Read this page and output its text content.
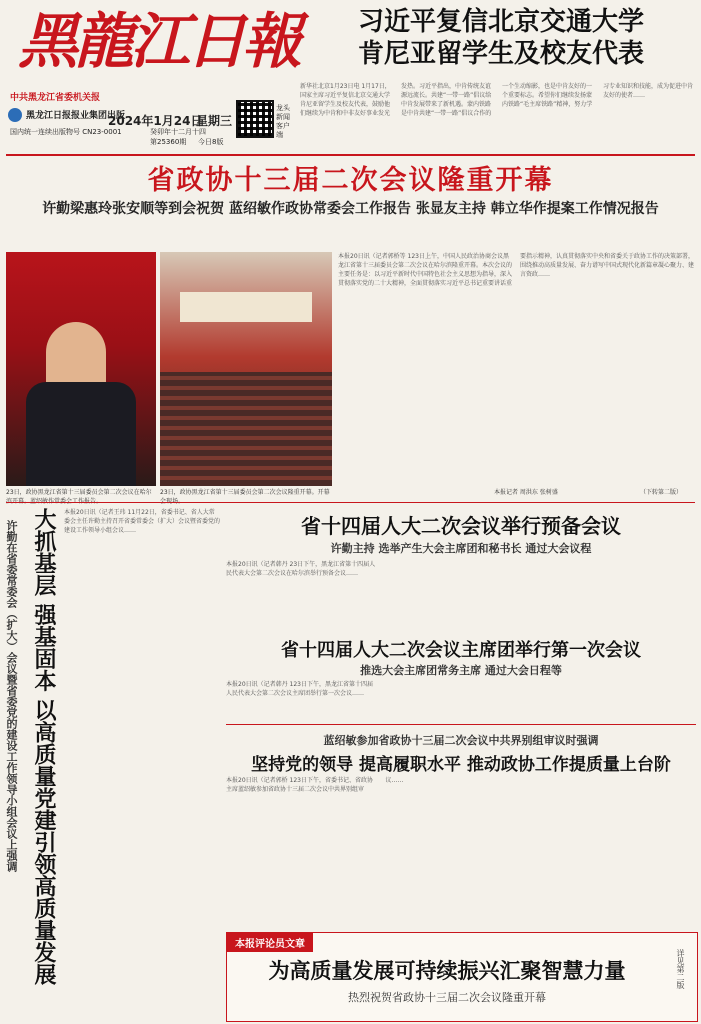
黑龍江日報
中共黑龙江省委机关报
黑龙江日报报业集团出版
国内统一连续出版物号 CN23-0001
2024年1月24日
星期三
癸卯年十二月十四
第25360期 今日8版
龙头新闻客户端
习近平复信北京交通大学
肯尼亚留学生及校友代表
新华社北京1月23日电 1月17日，国家主席习近平复信北京交通大学肯尼亚留学生及校友代表，鼓励他们继续为中肯和中非友好事业发光发热。习近平指出，中肯传统友谊源远流长。共建“一带一路”倡议给中肯发展带来了新机遇。蒙内铁路是中肯共建“一带一路”倡议合作的一个生动缩影，也是中肯友好的一个重要标志。希望你们继续发扬蒙内铁路“毛主席铁路”精神，努力学习专业知识和技能，成为促进中肯友好的使者……
省政协十三届二次会议隆重开幕
许勤梁惠玲张安顺等到会祝贺 蓝绍敏作政协常委会工作报告 张显友主持 韩立华作提案工作情况报告
23日，政协黑龙江省第十三届委员会第二次会议在哈尔	23日，政协黑龙江省第十三届委员会第二次会议隆重开幕。开幕	本报记者 周洪东 张树盛
本报20日讯（记者郭桥等 123日上午，中国人民政治协商会议黑龙江省第十三届委员会第二次会议在哈尔滨隆重开幕。本次会议的主要任务是：以习近平新时代中国特色社会主义思想为指导，深入贯彻落实党的二十大精神，全面贯彻落实习近平总书记重要讲话重要指示精神，认真贯彻落实中央和省委关于政协工作的决策部署，围绕推动高质量发展、奋力谱写中国式现代化新篇章凝心聚力、建言资政……
（下转第二版）
大抓基层 强基固本 以高质量党建引领高质量发展
许勤在省委常委会（扩大）会议暨省委党的建设工作领导小组会议上强调
本报20日讯（记者王玮 11月22日，省委书记、省人大常委会主任许勤主持召开省委常委会（扩大）会议暨省委党的建设工作领导小组会议……	省十四届人大二次会议举行预备会议
许勤主持 选举产生大会主席团和秘书长 通过大会议程
本报20日讯（记者韩丹 23日下午，黑龙江省第十四届人民代表大会第二次会议在哈尔滨举行预备会议……
省十四届人大二次会议主席团举行第一次会议
推选大会主席团常务主席 通过大会日程等
本报20日讯（记者韩丹 123日下午，黑龙江省第十四届人民代表大会第二次会议主席团举行第一次会议……
蓝绍敏参加省政协十三届二次会议中共界别组审议时强调
坚持党的领导 提高履职水平 推动政协工作提质量上台阶
本报20日讯（记者郭桥 123日下午，省委书记、省政协主席蓝绍敏参加省政协十三届二次会议中共界别组审议……
本报评论员文章
为高质量发展可持续振兴汇聚智慧力量
热烈祝贺省政协十三届二次会议隆重开幕
详见第二版
